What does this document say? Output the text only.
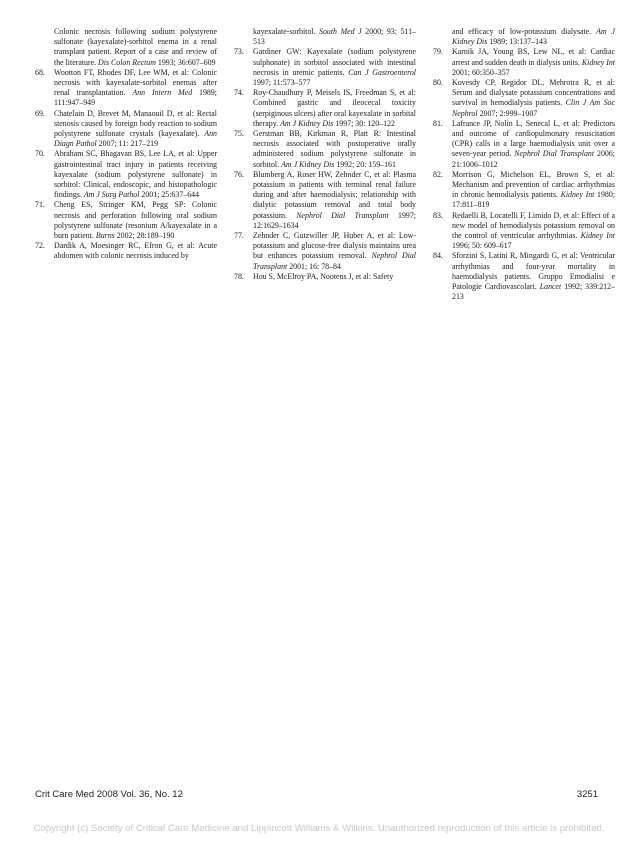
Colonic necrosis following sodium polystyrene sulfonate (kayexalate)-sorbitol enema in a renal transplant patient. Report of a case and review of the literature. Dis Colon Rectum 1993; 36:607–609
68.	Wootton FT, Rhodes DF, Lee WM, et al: Colonic necrosis with kayexalate-sorbitol enemas after renal transplantation. Ann Intern Med 1989; 111:947–949
69.	Chatelain D, Brevet M, Manaouil D, et al: Rectal stenosis caused by foreign body reaction to sodium polystyrene sulfonate crystals (kayexalate). Ann Diagn Pathol 2007; 11: 217–219
70.	Abraham SC, Bhagavan BS, Lee LA, et al: Upper gastrointestinal tract injury in patients receiving kayexalate (sodium polystyrene sulfonate) in sorbitol: Clinical, endoscopic, and histopathologic findings. Am J Surg Pathol 2001; 25:637–644
71.	Cheng ES, Stringer KM, Pegg SP: Colonic necrosis and perforation following oral sodium polystyrene sulfonate (resonium A/kayexalate in a burn patient. Burns 2002; 28:189–190
72.	Dardik A, Moesinger RC, Efron G, et al: Acute abdomen with colonic necrosis induced by
kayexalate-sorbitol. South Med J 2000; 93: 511–513
73.	Gardiner GW: Kayexalate (sodium polystyrene sulphonate) in sorbitol associated with intestinal necrosis in uremic patients. Can J Gastroenterol 1997; 11:573–577
74.	Roy-Chaudhury P, Meisels IS, Freedman S, et al: Combined gastric and ileocecal toxicity (serpiginous ulcers) after oral kayexalate in sorbital therapy. Am J Kidney Dis 1997; 30: 120–122
75.	Gerstman BB, Kirkman R, Platt R: Intestinal necrosis associated with postoperative orally administered sodium polystyrene sulfonate in sorbitol. Am J Kidney Dis 1992; 20: 159–161
76.	Blumberg A, Roser HW, Zehnder C, et al: Plasma potassium in patients with terminal renal failure during and after haemodialysis; relationship with dialytic potassium removal and total body potassium. Nephrol Dial Transplant 1997; 12:1629–1634
77.	Zehnder C, Gutzwiller JP, Huber A, et al: Low-potassium and glucose-free dialysis maintains urea but enhances potassium removal. Nephrol Dial Transplant 2001; 16: 78–84
78.	Hou S, McElroy PA, Nootens J, et al: Safety
and efficacy of low-potassium dialysate. Am J Kidney Dis 1989; 13:137–143
79.	Karnik JA, Young BS, Lew NL, et al: Cardiac arrest and sudden death in dialysis units. Kidney Int 2001; 60:350–357
80.	Kovesdy CP, Regidor DL, Mehrotra R, et al: Serum and dialysate potassium concentrations and survival in hemodialysis patients. Clin J Am Soc Nephrol 2007; 2:999–1007
81.	Lafrance JP, Nolin L, Senecal L, et al: Predictors and outcome of cardiopulmonary resuscitation (CPR) calls in a large haemodialysis unit over a seven-year period. Nephrol Dial Transplant 2006; 21:1006–1012
82.	Morrison G, Michelson EL, Brown S, et al: Mechanism and prevention of cardiac arrhythmias in chronic hemodialysis patients. Kidney Int 1980; 17:811–819
83.	Redaelli B, Locatelli F, Limido D, et al: Effect of a new model of hemodialysis potassium removal on the control of ventricular arrhythmias. Kidney Int 1996; 50: 609–617
84.	Sforzini S, Latini R, Mingardi G, et al: Ventricular arrhythmias and four-year mortality in haemodialysis patients. Gruppo Emodialisi e Patologie Cardiovascolari. Lancet 1992; 339:212–213
Crit Care Med 2008 Vol. 36, No. 12	3251
Copyright (c) Society of Critical Care Medicine and Lippincott Williams & Wilkins. Unauthorized reproduction of this article is prohibited.
